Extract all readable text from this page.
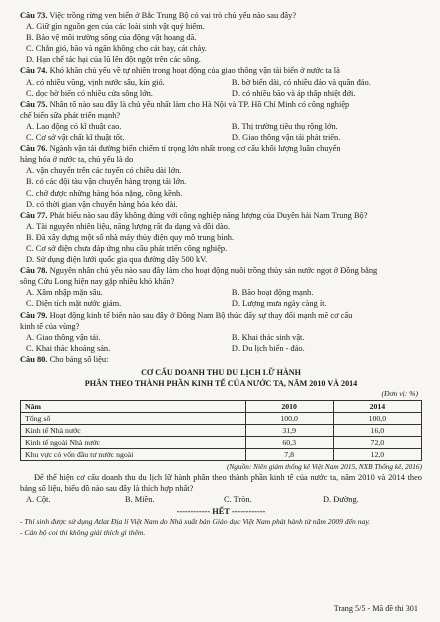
Câu 73. Việc trồng rừng ven biển ở Bắc Trung Bộ có vai trò chủ yếu nào sau đây?
A. Giữ gìn nguồn gen của các loài sinh vật quý hiếm.
B. Bảo vệ môi trường sống của động vật hoang dã.
C. Chắn gió, bão và ngăn không cho cát bay, cát chảy.
D. Hạn chế tác hại của lũ lên đột ngột trên các sông.
Câu 74. Khó khăn chủ yếu về tự nhiên trong hoạt động của giao thông vận tải biển ở nước ta là
A. có nhiều vũng, vịnh nước sâu, kín gió.	B. bờ biển dài, có nhiều đảo và quần đảo.
C. dọc bờ biển có nhiều cửa sông lớn.	D. có nhiều bão và áp thấp nhiệt đới.
Câu 75. Nhân tố nào sau đây là chủ yếu nhất làm cho Hà Nội và TP. Hồ Chí Minh có công nghiệp
chế biến sữa phát triển mạnh?
A. Lao động có kĩ thuật cao.	B. Thị trường tiêu thụ rộng lớn.
C. Cơ sở vật chất kĩ thuật tốt.	D. Giao thông vận tải phát triển.
Câu 76. Ngành vận tải đường biển chiếm tỉ trọng lớn nhất trong cơ cấu khối lượng luân chuyển
hàng hóa ở nước ta, chủ yếu là do
A. vận chuyển trên các tuyến có chiều dài lớn.
B. có các đội tàu vận chuyển hàng trọng tải lớn.
C. chở được những hàng hóa nặng, cồng kềnh.
D. có thời gian vận chuyển hàng hóa kéo dài.
Câu 77. Phát biểu nào sau đây không đúng với công nghiệp năng lượng của Duyên hải Nam Trung Bộ?
A. Tài nguyên nhiên liệu, năng lượng rất đa dạng và dồi dào.
B. Đã xây dựng một số nhà máy thủy điện quy mô trung bình.
C. Cơ sở điện chưa đáp ứng nhu cầu phát triển công nghiệp.
D. Sử dụng điện lưới quốc gia qua đường dây 500 kV.
Câu 78. Nguyên nhân chủ yếu nào sau đây làm cho hoạt động nuôi trồng thủy sản nước ngọt ở Đồng bằng
sông Cửu Long hiện nay gặp nhiều khó khăn?
A. Xâm nhập mặn sâu.	B. Bão hoạt động mạnh.
C. Diện tích mặt nước giảm.	D. Lượng mưa ngày càng ít.
Câu 79. Hoạt động kinh tế biển nào sau đây ở Đông Nam Bộ thúc đẩy sự thay đổi mạnh mẽ cơ cấu
kinh tế của vùng?
A. Giao thông vận tải.	B. Khai thác sinh vật.
C. Khai thác khoáng sản.	D. Du lịch biển - đảo.
Câu 80. Cho bảng số liệu:
CƠ CẤU DOANH THU DU LỊCH LỮ HÀNH
PHÂN THEO THÀNH PHẦN KINH TẾ CỦA NƯỚC TA, NĂM 2010 VÀ 2014
(Đơn vị: %)
Năm	2010	2014
Tổng số	100,0	100,0
Kinh tế Nhà nước	31,9	16,0
Kinh tế ngoài Nhà nước	60,3	72,0
Khu vực có vốn đầu tư nước ngoài	7,8	12,0
(Nguồn: Niên giám thống kê Việt Nam 2015, NXB Thống kê, 2016)
Để thể hiện cơ cấu doanh thu du lịch lữ hành phân theo thành phần kinh tế của nước ta, năm 2010 và 2014 theo bảng số liệu, biểu đồ nào sau đây là thích hợp nhất?
A. Cột.	B. Miền.	C. Tròn.	D. Đường.
------------ HẾT ------------
- Thí sinh được sử dụng Atlat Địa lí Việt Nam do Nhà xuất bản Giáo dục Việt Nam phát hành từ năm 2009 đến nay.
- Cán bộ coi thi không giải thích gì thêm.
Trang 5/5 - Mã đề thi 301
